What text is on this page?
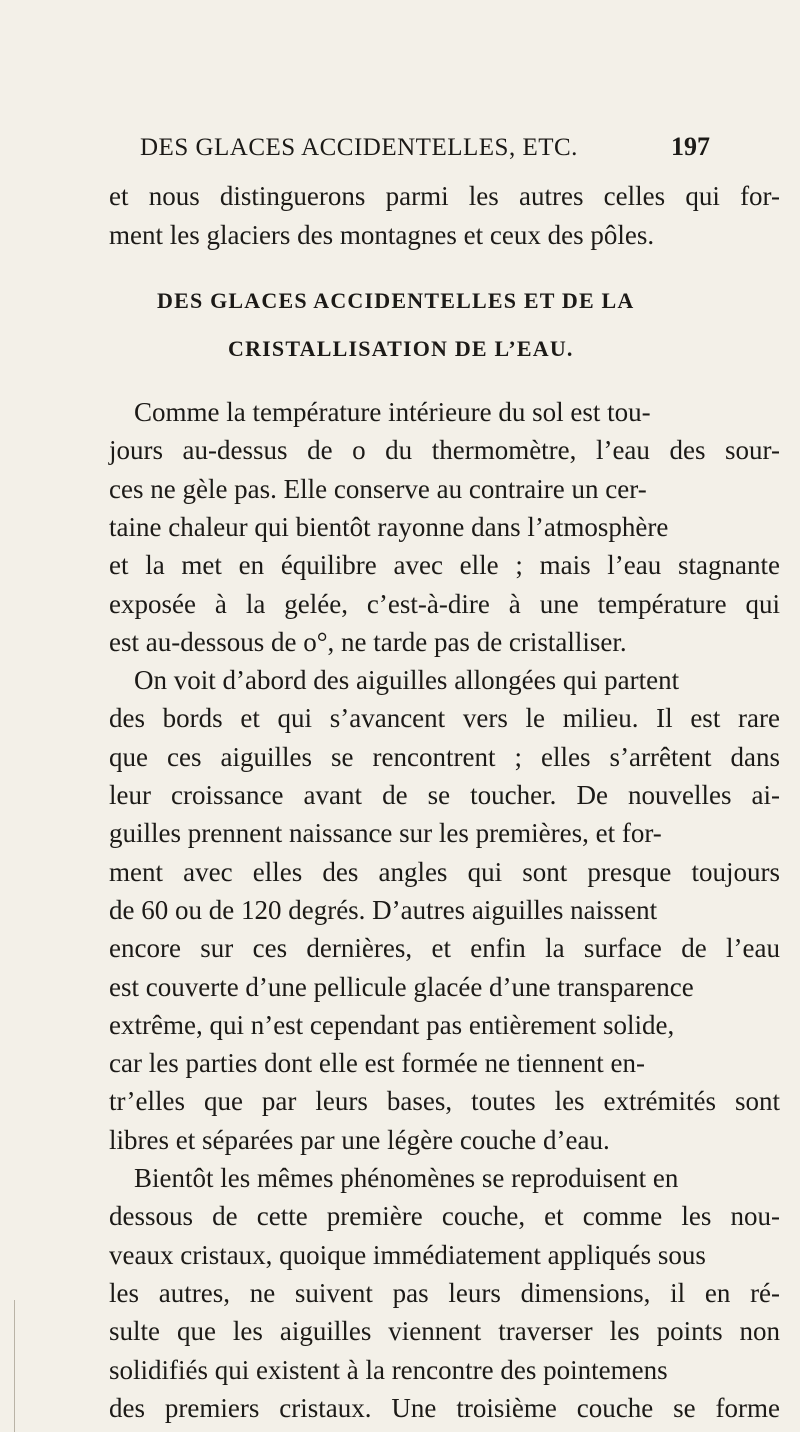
DES GLACES ACCIDENTELLES, ETC.	197
et nous distinguerons parmi les autres celles qui for-
ment les glaciers des montagnes et ceux des pôles.
DES GLACES ACCIDENTELLES ET DE LA
CRISTALLISATION DE L’EAU.
Comme la température intérieure du sol est tou-
jours au-dessus de o du thermomètre, l’eau des sour-
ces ne gèle pas. Elle conserve au contraire un cer-
taine chaleur qui bientôt rayonne dans l’atmosphère
et la met en équilibre avec elle ; mais l’eau stagnante
exposée à la gelée, c’est-à-dire à une température qui
est au-dessous de o°, ne tarde pas de cristalliser.
On voit d’abord des aiguilles allongées qui partent
des bords et qui s’avancent vers le milieu. Il est rare
que ces aiguilles se rencontrent ; elles s’arrêtent dans
leur croissance avant de se toucher. De nouvelles ai-
guilles prennent naissance sur les premières, et for-
ment avec elles des angles qui sont presque toujours
de 60 ou de 120 degrés. D’autres aiguilles naissent
encore sur ces dernières, et enfin la surface de l’eau
est couverte d’une pellicule glacée d’une transparence
extrême, qui n’est cependant pas entièrement solide,
car les parties dont elle est formée ne tiennent en-
tr’elles que par leurs bases, toutes les extrémités sont
libres et séparées par une légère couche d’eau.
Bientôt les mêmes phénomènes se reproduisent en
dessous de cette première couche, et comme les nou-
veaux cristaux, quoique immédiatement appliqués sous
les autres, ne suivent pas leurs dimensions, il en ré-
sulte que les aiguilles viennent traverser les points non
solidifiés qui existent à la rencontre des pointemens
des premiers cristaux. Une troisième couche se forme
